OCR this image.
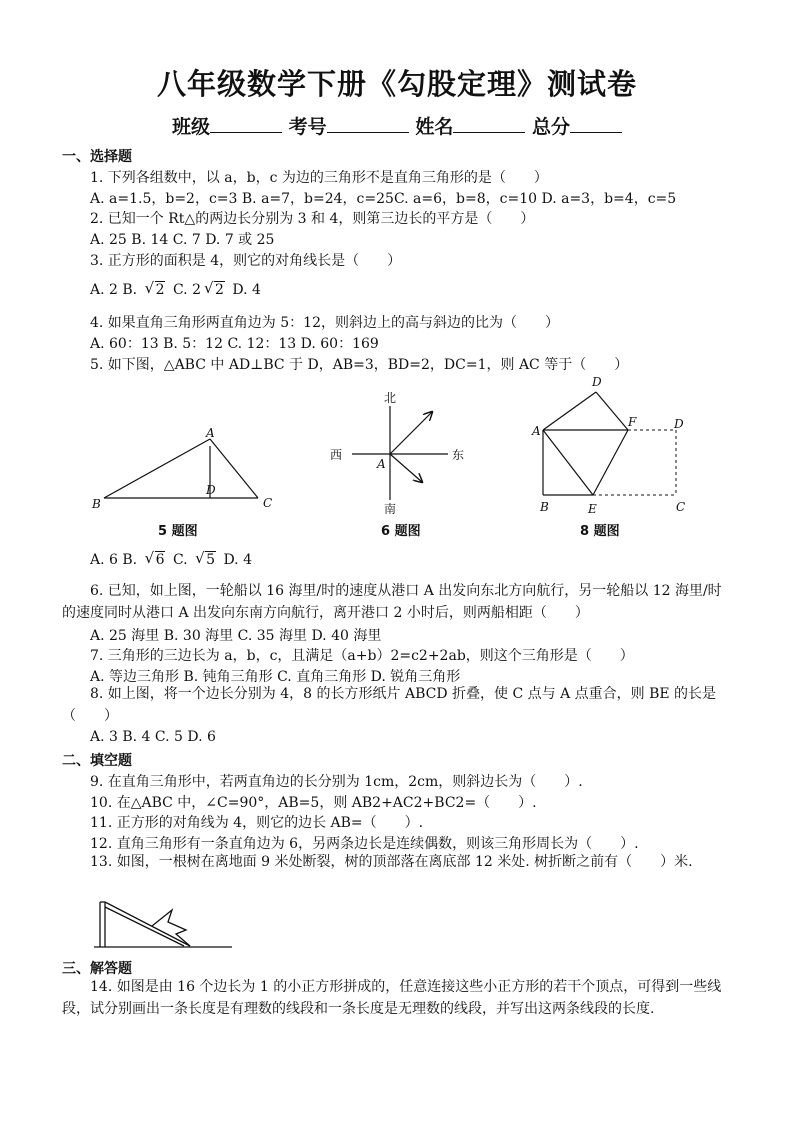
八年级数学下册《勾股定理》测试卷
班级	考号	姓名	总分
一、选择题
1. 下列各组数中，以 a，b，c 为边的三角形不是直角三角形的是（　　）
A. a=1.5，b=2，c=3 B. a=7，b=24，c=25C. a=6，b=8，c=10 D. a=3，b=4，c=5
2. 已知一个 Rt△的两边长分别为 3 和 4，则第三边长的平方是（　　）
A. 25 B. 14 C. 7 D. 7 或 25
3. 正方形的面积是 4，则它的对角线长是（　　）
A. 2 B. √ 2 C. 2 √ 2 D. 4
4. 如果直角三角形两直角边为 5：12，则斜边上的高与斜边的比为（　　）
A. 60：13 B. 5：12 C. 12：13 D. 60：169
5. 如下图，△ABC 中 AD⊥BC 于 D，AB=3，BD=2，DC=1，则 AC 等于（　　）
A
B	C
D
5 题图
北
南
西	东
A
6 题图
A
B	C
D
D
E
F
8 题图
A. 6 B. √ 6 C. √ 5 D. 4
6. 已知，如上图，一轮船以 16 海里/时的速度从港口 A 出发向东北方向航行，另一轮船以 12 海里/时的速度同时从港口 A 出发向东南方向航行，离开港口 2 小时后，则两船相距（　　）
A. 25 海里 B. 30 海里 C. 35 海里 D. 40 海里
7. 三角形的三边长为 a，b，c，且满足（a+b）2=c2+2ab，则这个三角形是（　　）
A. 等边三角形 B. 钝角三角形 C. 直角三角形 D. 锐角三角形
8. 如上图，将一个边长分别为 4，8 的长方形纸片 ABCD 折叠，使 C 点与 A 点重合，则 BE 的长是（　　）
A. 3 B. 4 C. 5 D. 6
二、填空题
9. 在直角三角形中，若两直角边的长分别为 1cm，2cm，则斜边长为（　　）.
10. 在△ABC 中，∠C=90°，AB=5，则 AB2+AC2+BC2=（　　）.
11. 正方形的对角线为 4，则它的边长 AB=（　　）.
12. 直角三角形有一条直角边为 6，另两条边长是连续偶数，则该三角形周长为（　　）.
13. 如图，一根树在离地面 9 米处断裂，树的顶部落在离底部 12 米处. 树折断之前有（　　）米.
三、解答题
14. 如图是由 16 个边长为 1 的小正方形拼成的，任意连接这些小正方形的若干个顶点，可得到一些线段，试分别画出一条长度是有理数的线段和一条长度是无理数的线段，并写出这两条线段的长度.
